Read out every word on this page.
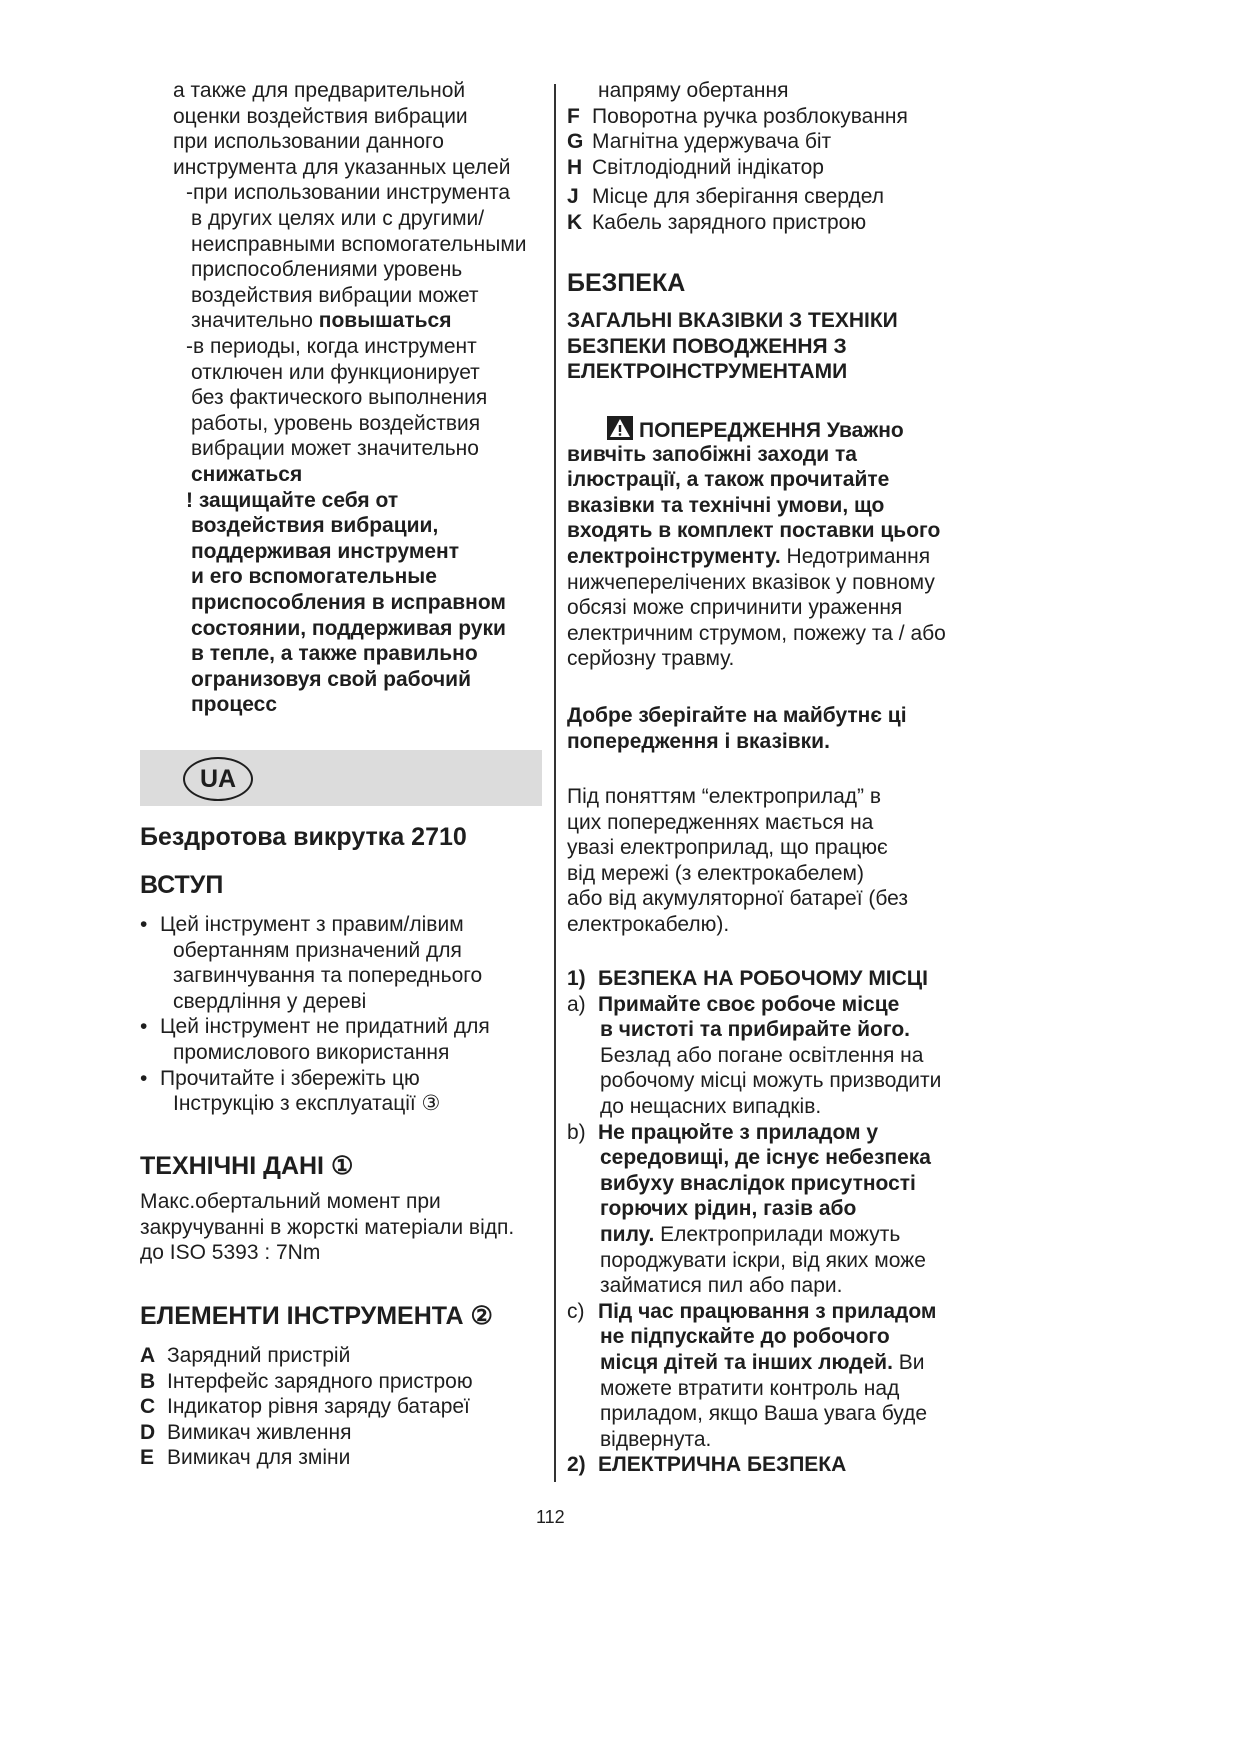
UA
112
а также для предварительной
оценки воздействия вибрации
при использовании данного
инструмента для указанных целей
-при использовании инструмента
в других целях или с другими/
неисправными вспомогательными
приспособлениями уровень
воздействия вибрации может
значительно повышаться
-в периоды, когда инструмент
отключен или функционирует
без фактического выполнения
работы, уровень воздействия
вибрации может значительно
снижаться
! защищайте себя от
воздействия вибрации,
поддерживая инструмент
и его вспомогательные
приспособления в исправном
состоянии, поддерживая руки
в тепле, а также правильно
огранизовуя свой рабочий
процесс
Бездротова викрутка 2710
ВСТУП
• Цей інструмент з правим/лівим
обертанням призначений для
загвинчування та попереднього
свердління у дереві
• Цей інструмент не придатний для
промислового використання
• Прочитайте і збережіть цю
Інструкцію з експлуатації ③
ТЕХНІЧНІ ДАНІ ①
Макс.обертальний момент при
закручуванні в жорсткі матеріали відп.
до ISO 5393 : 7Nm
ЕЛЕМЕНТИ ІНСТРУМЕНТА ②
A Зарядний пристрій
B Інтерфейс зарядного пристрою
C Індикатор рівня заряду батареї
D Вимикач живлення
E Вимикач для зміни
напряму обертання
F Поворотна ручка розблокування
G Магнітна удержувача біт
H Світлодіодний індікатор
J Місце для зберігання свердел
K Кабель зарядного пристрою
БЕЗПЕКА
ЗАГАЛЬНІ ВКАЗІВКИ З ТЕХНІКИ
БЕЗПЕКИ ПОВОДЖЕННЯ З
ЕЛЕКТРОІНСТРУМЕНТАМИ
ПОПЕРЕДЖЕННЯ Уважно
вивчіть запобіжні заходи та
ілюстрації, а також прочитайте
вказівки та технічні умови, що
входять в комплект поставки цього
електроінструменту. Недотримання
нижчеперелічених вказівок у повному
обсязі може спричинити ураження
електричним струмом, пожежу та / або
серйозну травму.
Добре зберігайте на майбутнє ці
попередження і вказівки.
Під поняттям “електроприлад” в
цих попередженнях мається на
увазі електроприлад, що працює
від мережі (з електрокабелем)
або від акумуляторної батареї (без
електрокабелю).
1) БЕЗПЕКА НА РОБОЧОМУ МІСЦІ
a) Примайте своє робоче місце
в чистоті та прибирайте його.
Безлад або погане освітлення на
робочому місці можуть призводити
до нещасних випадків.
b) Не працюйте з приладом у
середовищі, де існує небезпека
вибуху внаслідок присутності
горючих рідин, газів або
пилу. Електроприлади можуть
породжувати іскри, від яких може
займатися пил або пари.
c) Під час працювання з приладом
не підпускайте до робочого
місця дітей та інших людей. Ви
можете втратити контроль над
приладом, якщо Ваша увага буде
відвернута.
2) ЕЛЕКТРИЧНА БЕЗПЕКА
